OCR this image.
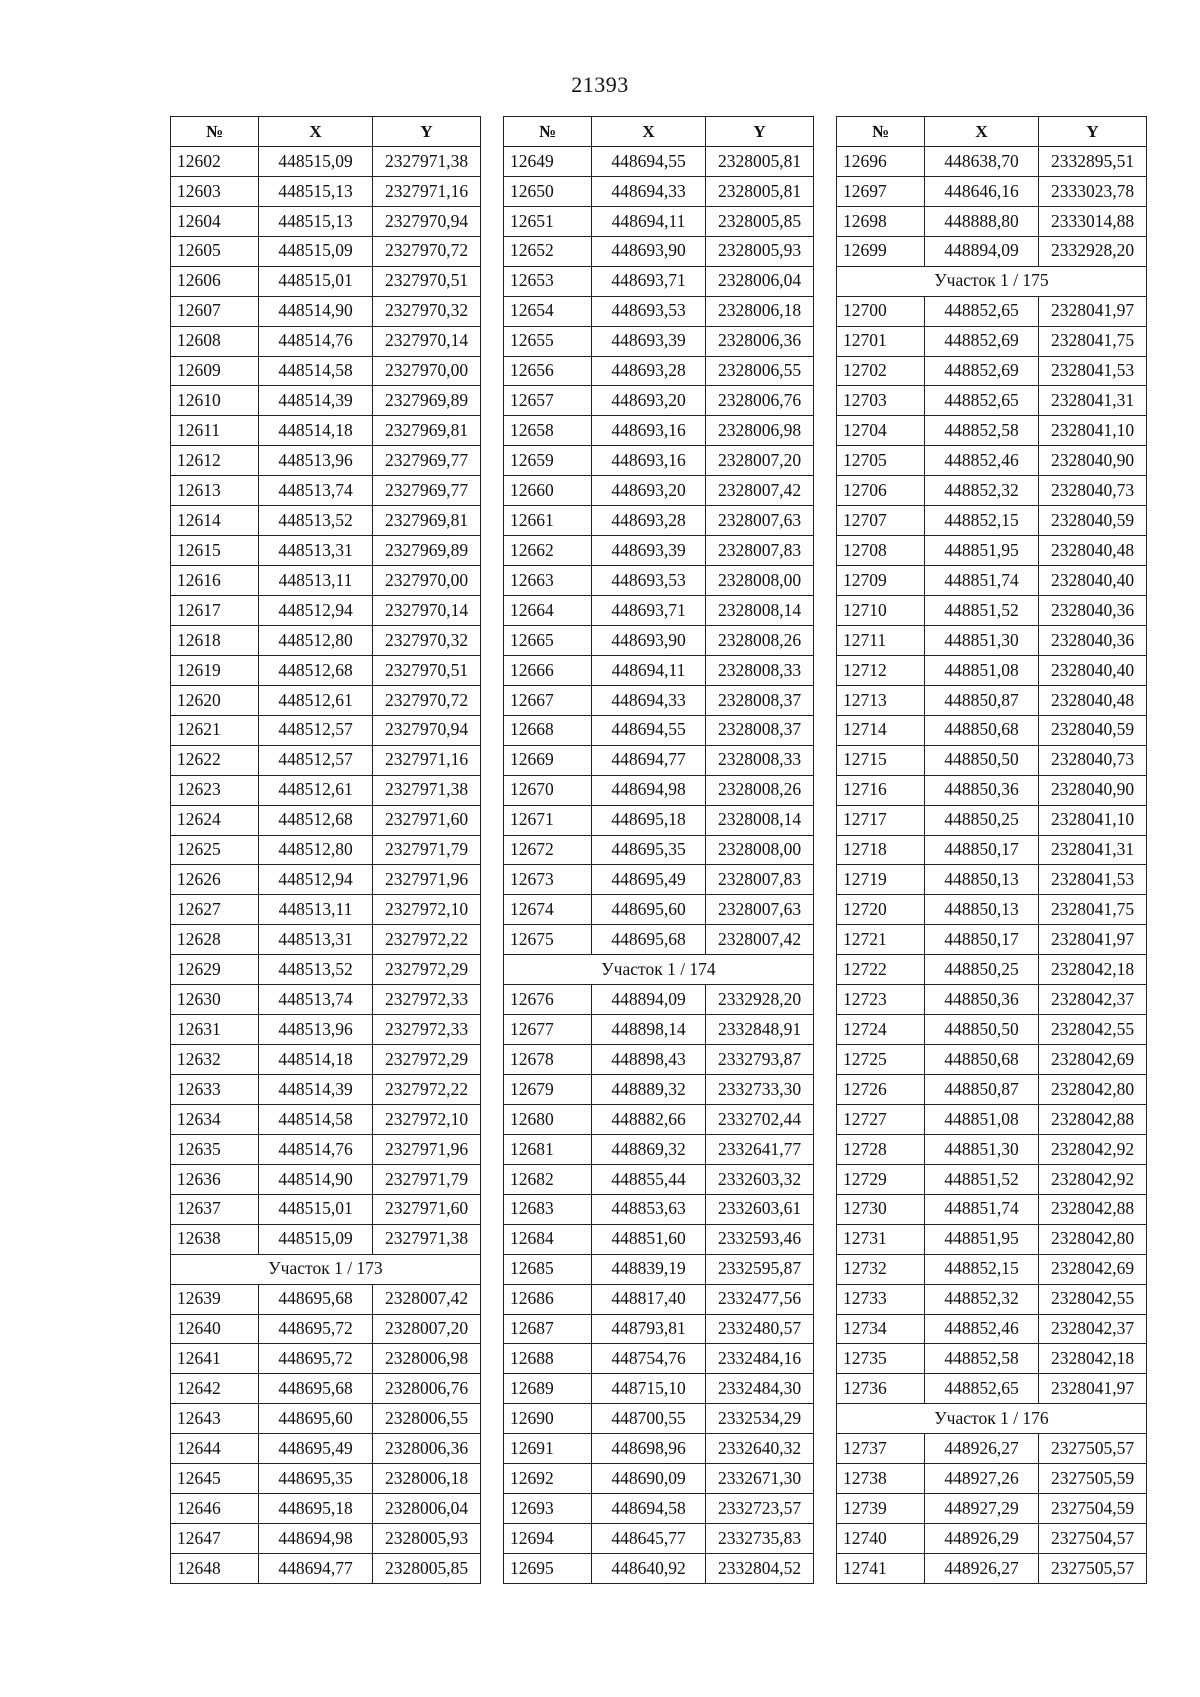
21393
№	X	Y
12602	448515,09	2327971,38
12603	448515,13	2327971,16
12604	448515,13	2327970,94
12605	448515,09	2327970,72
12606	448515,01	2327970,51
12607	448514,90	2327970,32
12608	448514,76	2327970,14
12609	448514,58	2327970,00
12610	448514,39	2327969,89
12611	448514,18	2327969,81
12612	448513,96	2327969,77
12613	448513,74	2327969,77
12614	448513,52	2327969,81
12615	448513,31	2327969,89
12616	448513,11	2327970,00
12617	448512,94	2327970,14
12618	448512,80	2327970,32
12619	448512,68	2327970,51
12620	448512,61	2327970,72
12621	448512,57	2327970,94
12622	448512,57	2327971,16
12623	448512,61	2327971,38
12624	448512,68	2327971,60
12625	448512,80	2327971,79
12626	448512,94	2327971,96
12627	448513,11	2327972,10
12628	448513,31	2327972,22
12629	448513,52	2327972,29
12630	448513,74	2327972,33
12631	448513,96	2327972,33
12632	448514,18	2327972,29
12633	448514,39	2327972,22
12634	448514,58	2327972,10
12635	448514,76	2327971,96
12636	448514,90	2327971,79
12637	448515,01	2327971,60
12638	448515,09	2327971,38
Участок 1 / 173		
12639	448695,68	2328007,42
12640	448695,72	2328007,20
12641	448695,72	2328006,98
12642	448695,68	2328006,76
12643	448695,60	2328006,55
12644	448695,49	2328006,36
12645	448695,35	2328006,18
12646	448695,18	2328006,04
12647	448694,98	2328005,93
12648	448694,77	2328005,85
№	X	Y
12649	448694,55	2328005,81
12650	448694,33	2328005,81
12651	448694,11	2328005,85
12652	448693,90	2328005,93
12653	448693,71	2328006,04
12654	448693,53	2328006,18
12655	448693,39	2328006,36
12656	448693,28	2328006,55
12657	448693,20	2328006,76
12658	448693,16	2328006,98
12659	448693,16	2328007,20
12660	448693,20	2328007,42
12661	448693,28	2328007,63
12662	448693,39	2328007,83
12663	448693,53	2328008,00
12664	448693,71	2328008,14
12665	448693,90	2328008,26
12666	448694,11	2328008,33
12667	448694,33	2328008,37
12668	448694,55	2328008,37
12669	448694,77	2328008,33
12670	448694,98	2328008,26
12671	448695,18	2328008,14
12672	448695,35	2328008,00
12673	448695,49	2328007,83
12674	448695,60	2328007,63
12675	448695,68	2328007,42
Участок 1 / 174		
12676	448894,09	2332928,20
12677	448898,14	2332848,91
12678	448898,43	2332793,87
12679	448889,32	2332733,30
12680	448882,66	2332702,44
12681	448869,32	2332641,77
12682	448855,44	2332603,32
12683	448853,63	2332603,61
12684	448851,60	2332593,46
12685	448839,19	2332595,87
12686	448817,40	2332477,56
12687	448793,81	2332480,57
12688	448754,76	2332484,16
12689	448715,10	2332484,30
12690	448700,55	2332534,29
12691	448698,96	2332640,32
12692	448690,09	2332671,30
12693	448694,58	2332723,57
12694	448645,77	2332735,83
12695	448640,92	2332804,52
№	X	Y
12696	448638,70	2332895,51
12697	448646,16	2333023,78
12698	448888,80	2333014,88
12699	448894,09	2332928,20
Участок 1 / 175		
12700	448852,65	2328041,97
12701	448852,69	2328041,75
12702	448852,69	2328041,53
12703	448852,65	2328041,31
12704	448852,58	2328041,10
12705	448852,46	2328040,90
12706	448852,32	2328040,73
12707	448852,15	2328040,59
12708	448851,95	2328040,48
12709	448851,74	2328040,40
12710	448851,52	2328040,36
12711	448851,30	2328040,36
12712	448851,08	2328040,40
12713	448850,87	2328040,48
12714	448850,68	2328040,59
12715	448850,50	2328040,73
12716	448850,36	2328040,90
12717	448850,25	2328041,10
12718	448850,17	2328041,31
12719	448850,13	2328041,53
12720	448850,13	2328041,75
12721	448850,17	2328041,97
12722	448850,25	2328042,18
12723	448850,36	2328042,37
12724	448850,50	2328042,55
12725	448850,68	2328042,69
12726	448850,87	2328042,80
12727	448851,08	2328042,88
12728	448851,30	2328042,92
12729	448851,52	2328042,92
12730	448851,74	2328042,88
12731	448851,95	2328042,80
12732	448852,15	2328042,69
12733	448852,32	2328042,55
12734	448852,46	2328042,37
12735	448852,58	2328042,18
12736	448852,65	2328041,97
Участок 1 / 176		
12737	448926,27	2327505,57
12738	448927,26	2327505,59
12739	448927,29	2327504,59
12740	448926,29	2327504,57
12741	448926,27	2327505,57
